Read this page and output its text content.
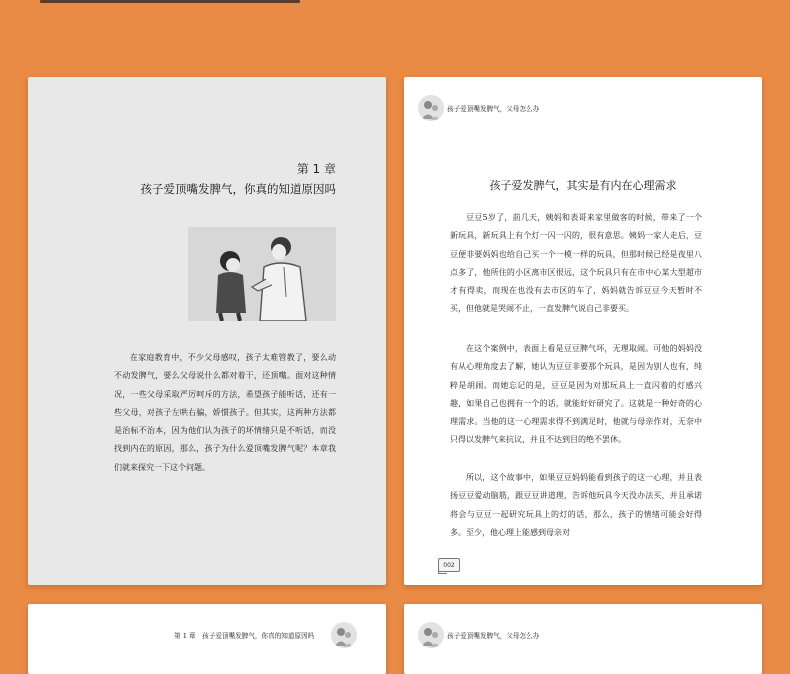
第 1 章
孩子爱顶嘴发脾气，你真的知道原因吗

在家庭教育中，不少父母感叹，孩子太难管教了，要么动不动发脾气，要么父母说什么都对着干，还顶嘴。面对这种情况，一些父母采取严厉呵斥的方法，希望孩子能听话，还有一些父母，对孩子左哄右骗，娇惯孩子。但其实，这两种方法都是治标不治本，因为他们认为孩子的坏情绪只是不听话，而没找到内在的原因，那么，孩子为什么爱顶嘴发脾气呢？本章我们就来探究一下这个问题。

孩子爱顶嘴发脾气，父母怎么办
孩子爱发脾气，其实是有内在心理需求

豆豆5岁了，前几天，姨妈和表哥来家里做客的时候，带来了一个新玩具，新玩具上有个灯一闪一闪的，很有意思。姨妈一家人走后，豆豆便非要妈妈也给自己买一个一模一样的玩具，但那时候已经是夜里八点多了，他所住的小区离市区很远，这个玩具只有在市中心某大型超市才有得卖，而现在也没有去市区的车了，妈妈就告诉豆豆今天暂时不买，但他就是哭闹不止，一直发脾气说自己非要买。

在这个案例中，表面上看是豆豆脾气坏，无理取闹。可他的妈妈没有从心理角度去了解，她认为豆豆非要那个玩具，是因为别人也有，纯粹是胡闹。而她忘记的是，豆豆是因为对那玩具上一直闪着的灯感兴趣，如果自己也拥有一个的话，就能好好研究了。这就是一种好奇的心理需求。当他的这一心理需求得不到满足时，他就与母亲作对，无奈中只得以发脾气来抗议，并且不达到目的绝不罢休。

所以，这个故事中，如果豆豆妈妈能看到孩子的这一心理，并且表扬豆豆爱动脑筋，跟豆豆讲道理，告诉他玩具今天没办法买，并且承诺将会与豆豆一起研究玩具上的灯的话，那么，孩子的情绪可能会好得多。至少，他心理上能感到母亲对

002
第 1 章　孩子爱顶嘴发脾气，你真的知道原因吗	孩子爱顶嘴发脾气，父母怎么办
